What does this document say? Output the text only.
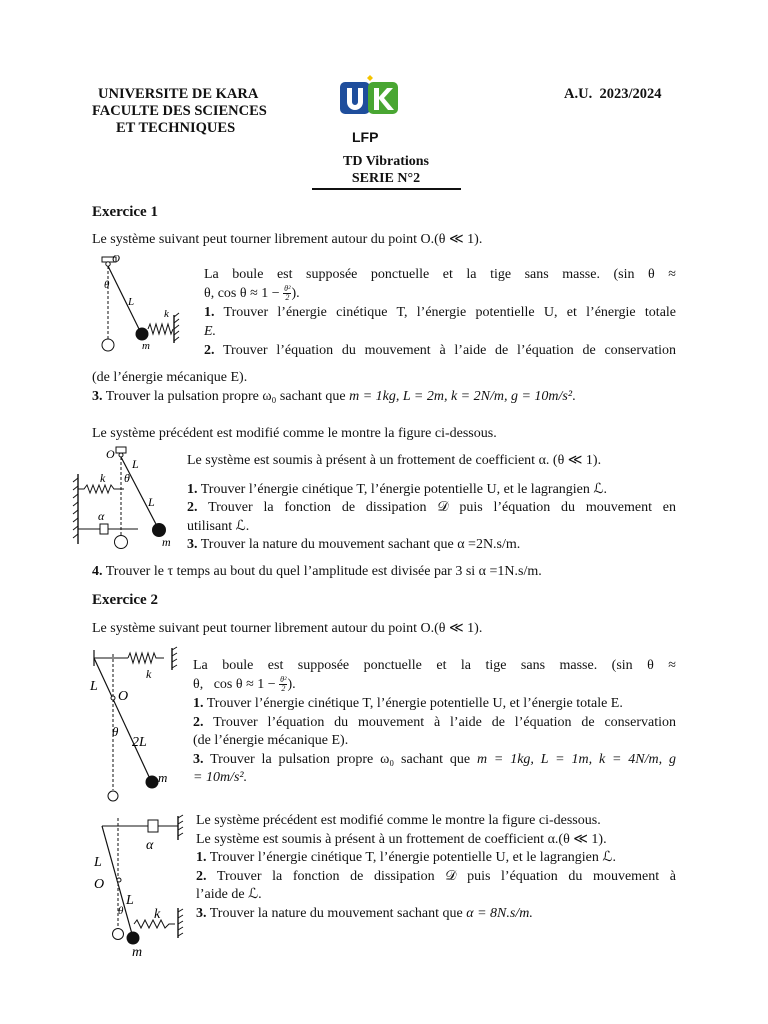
UNIVERSITE DE KARA
FACULTE DES SCIENCES
ET TECHNIQUES
A.U.  2023/2024
LFP
TD Vibrations
SERIE N°2
Exercice 1
Le système suivant peut tourner librement autour du point O.(θ ≪ 1).
O
θ
L
k
m
La boule est supposée ponctuelle et la tige sans masse. (sin θ ≈
θ, $\cos \theta \approx 1 - \frac{\text{θ²}}{2}$ ).
1. Trouver l’énergie cinétique T, l’énergie potentielle U, et l’énergie totale
E.
2. Trouver l’équation du mouvement à l’aide de l’équation de conservation
(de l’énergie mécanique E).
3. Trouver la pulsation propre ω₀ sachant que m = 1kg, L = 2m, k = 2N/m, g = 10m/s².
Le système précédent est modifié comme le montre la figure ci-dessous.
O
L
θ
k
L
α
m
Le système est soumis à présent à un frottement de coefficient α. (θ ≪ 1).
1. Trouver l’énergie cinétique T, l’énergie potentielle U, et le lagrangien ℒ.
2. Trouver la fonction de dissipation 𝒟 puis l’équation du mouvement en
utilisant ℒ.
3. Trouver la nature du mouvement sachant que α =2N.s/m.
4. Trouver le τ temps au bout du quel l’amplitude est divisée par 3 si α =1N.s/m.
Exercice 2
Le système suivant peut tourner librement autour du point O.(θ ≪ 1).
k
L
O
θ
2L
m
La boule est supposée ponctuelle et la tige sans masse. (sin θ ≈
θ,   $\cos \theta \approx 1 - \frac{\text{θ²}}{2}$ ).
1. Trouver l’énergie cinétique T, l’énergie potentielle U, et l’énergie totale E.
2. Trouver l’équation du mouvement à l’aide de l’équation de conservation
(de l’énergie mécanique E).
3. Trouver la pulsation propre ω₀ sachant que m = 1kg, L = 1m, k = 4N/m, g
= 10m/s².
α
L
O
L
θ k
m
Le système précédent est modifié comme le montre la figure ci-dessous.
Le système est soumis à présent à un frottement de coefficient α.(θ ≪ 1).
1. Trouver l’énergie cinétique T, l’énergie potentielle U, et le lagrangien ℒ.
2. Trouver la fonction de dissipation 𝒟 puis l’équation du mouvement à
l’aide de ℒ.
3. Trouver la nature du mouvement sachant que α = 8N.s/m.
